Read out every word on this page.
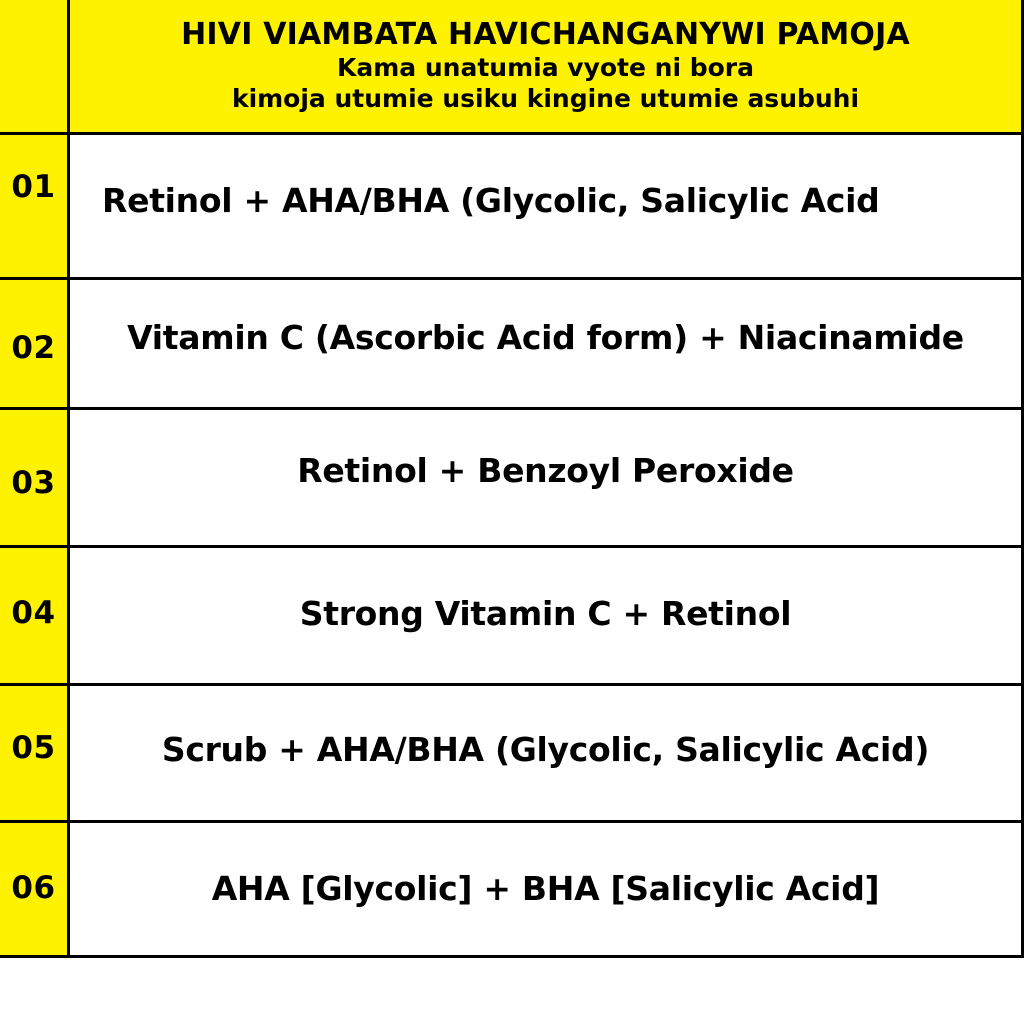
HIVI VIAMBATA HAVICHANGANYWI PAMOJA
Kama unatumia vyote ni bora
kimoja utumie usiku kingine utumie asubuhi
01 Retinol + AHA/BHA (Glycolic, Salicylic Acid
02 Vitamin C (Ascorbic Acid form) + Niacinamide
03	Retinol + Benzoyl Peroxide
04	Strong Vitamin C + Retinol
05	Scrub + AHA/BHA (Glycolic, Salicylic Acid)
06	AHA [Glycolic] + BHA [Salicylic Acid]
